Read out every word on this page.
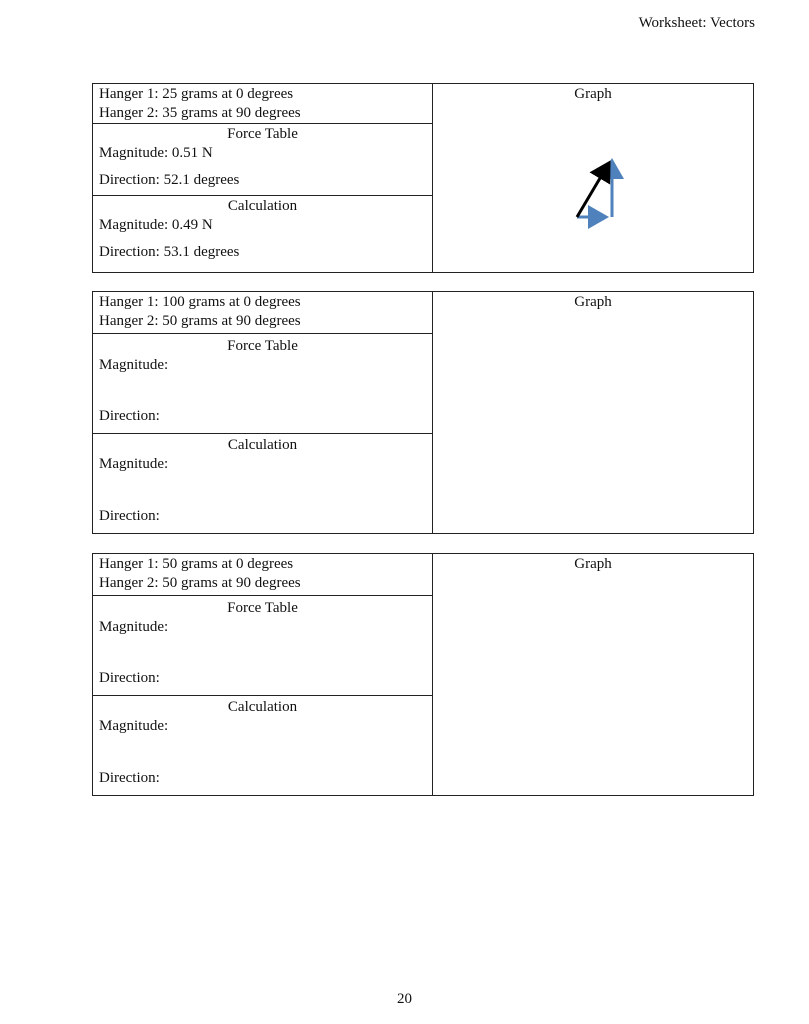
Worksheet: Vectors
Hanger 1: 25 grams at 0 degrees
Hanger 2: 35 grams at 90 degrees

Graph

Force Table
Magnitude: 0.51 N
Direction: 52.1 degrees

Calculation
Magnitude: 0.49 N
Direction: 53.1 degrees
Hanger 1: 100 grams at 0 degrees
Hanger 2: 50 grams at 90 degrees

Graph

Force Table
Magnitude:
Direction:

Calculation
Magnitude:
Direction:
Hanger 1: 50 grams at 0 degrees
Hanger 2: 50 grams at 90 degrees

Graph

Force Table
Magnitude:
Direction:

Calculation
Magnitude:
Direction:
20
